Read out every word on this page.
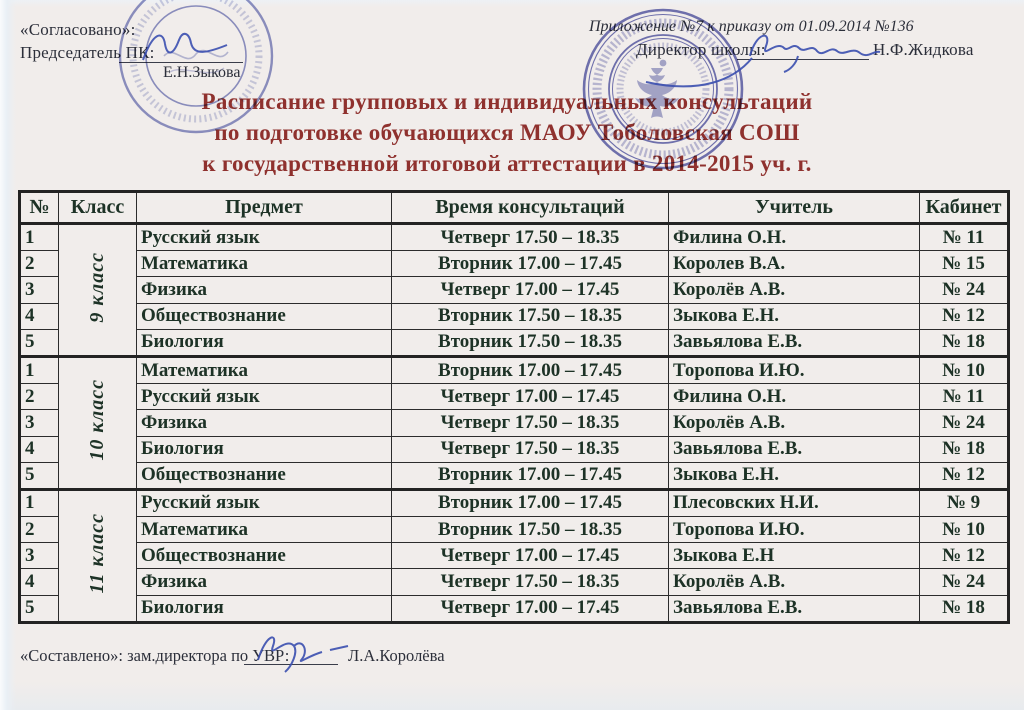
«Согласовано»:
Председатель ПК:
Е.Н.Зыкова
Приложение №7 к приказу от 01.09.2014 №136
Директор школы:	Н.Ф.Жидкова
Расписание групповых и индивидуальных консультаций
по подготовке обучающихся МАОУ Тоболовская СОШ
к государственной итоговой аттестации в 2014-2015 уч. г.
№	Класс	Предмет	Время консультаций	Учитель	Кабинет
1	9 класс	Русский язык	Четверг 17.50 – 18.35	Филина О.Н.	№ 11
2		Математика	Вторник 17.00 – 17.45	Королев В.А.	№ 15
3		Физика	Четверг 17.00 – 17.45	Королёв А.В.	№ 24
4		Обществознание	Вторник 17.50 – 18.35	Зыкова Е.Н.	№ 12
5		Биология	Вторник 17.50 – 18.35	Завьялова Е.В.	№ 18
1	10 класс	Математика	Вторник 17.00 – 17.45	Торопова И.Ю.	№ 10
2		Русский язык	Четверг 17.00 – 17.45	Филина О.Н.	№ 11
3		Физика	Четверг 17.50 – 18.35	Королёв А.В.	№ 24
4		Биология	Четверг 17.50 – 18.35	Завьялова Е.В.	№ 18
5		Обществознание	Вторник 17.00 – 17.45	Зыкова Е.Н.	№ 12
1	11 класс	Русский язык	Вторник 17.00 – 17.45	Плесовских Н.И.	№ 9
2		Математика	Вторник 17.50 – 18.35	Торопова И.Ю.	№ 10
3		Обществознание	Четверг 17.00 – 17.45	Зыкова Е.Н	№ 12
4		Физика	Четверг 17.50 – 18.35	Королёв А.В.	№ 24
5		Биология	Четверг 17.00 – 17.45	Завьялова Е.В.	№ 18
«Составлено»: зам.директора по УВР:	Л.А.Королёва
